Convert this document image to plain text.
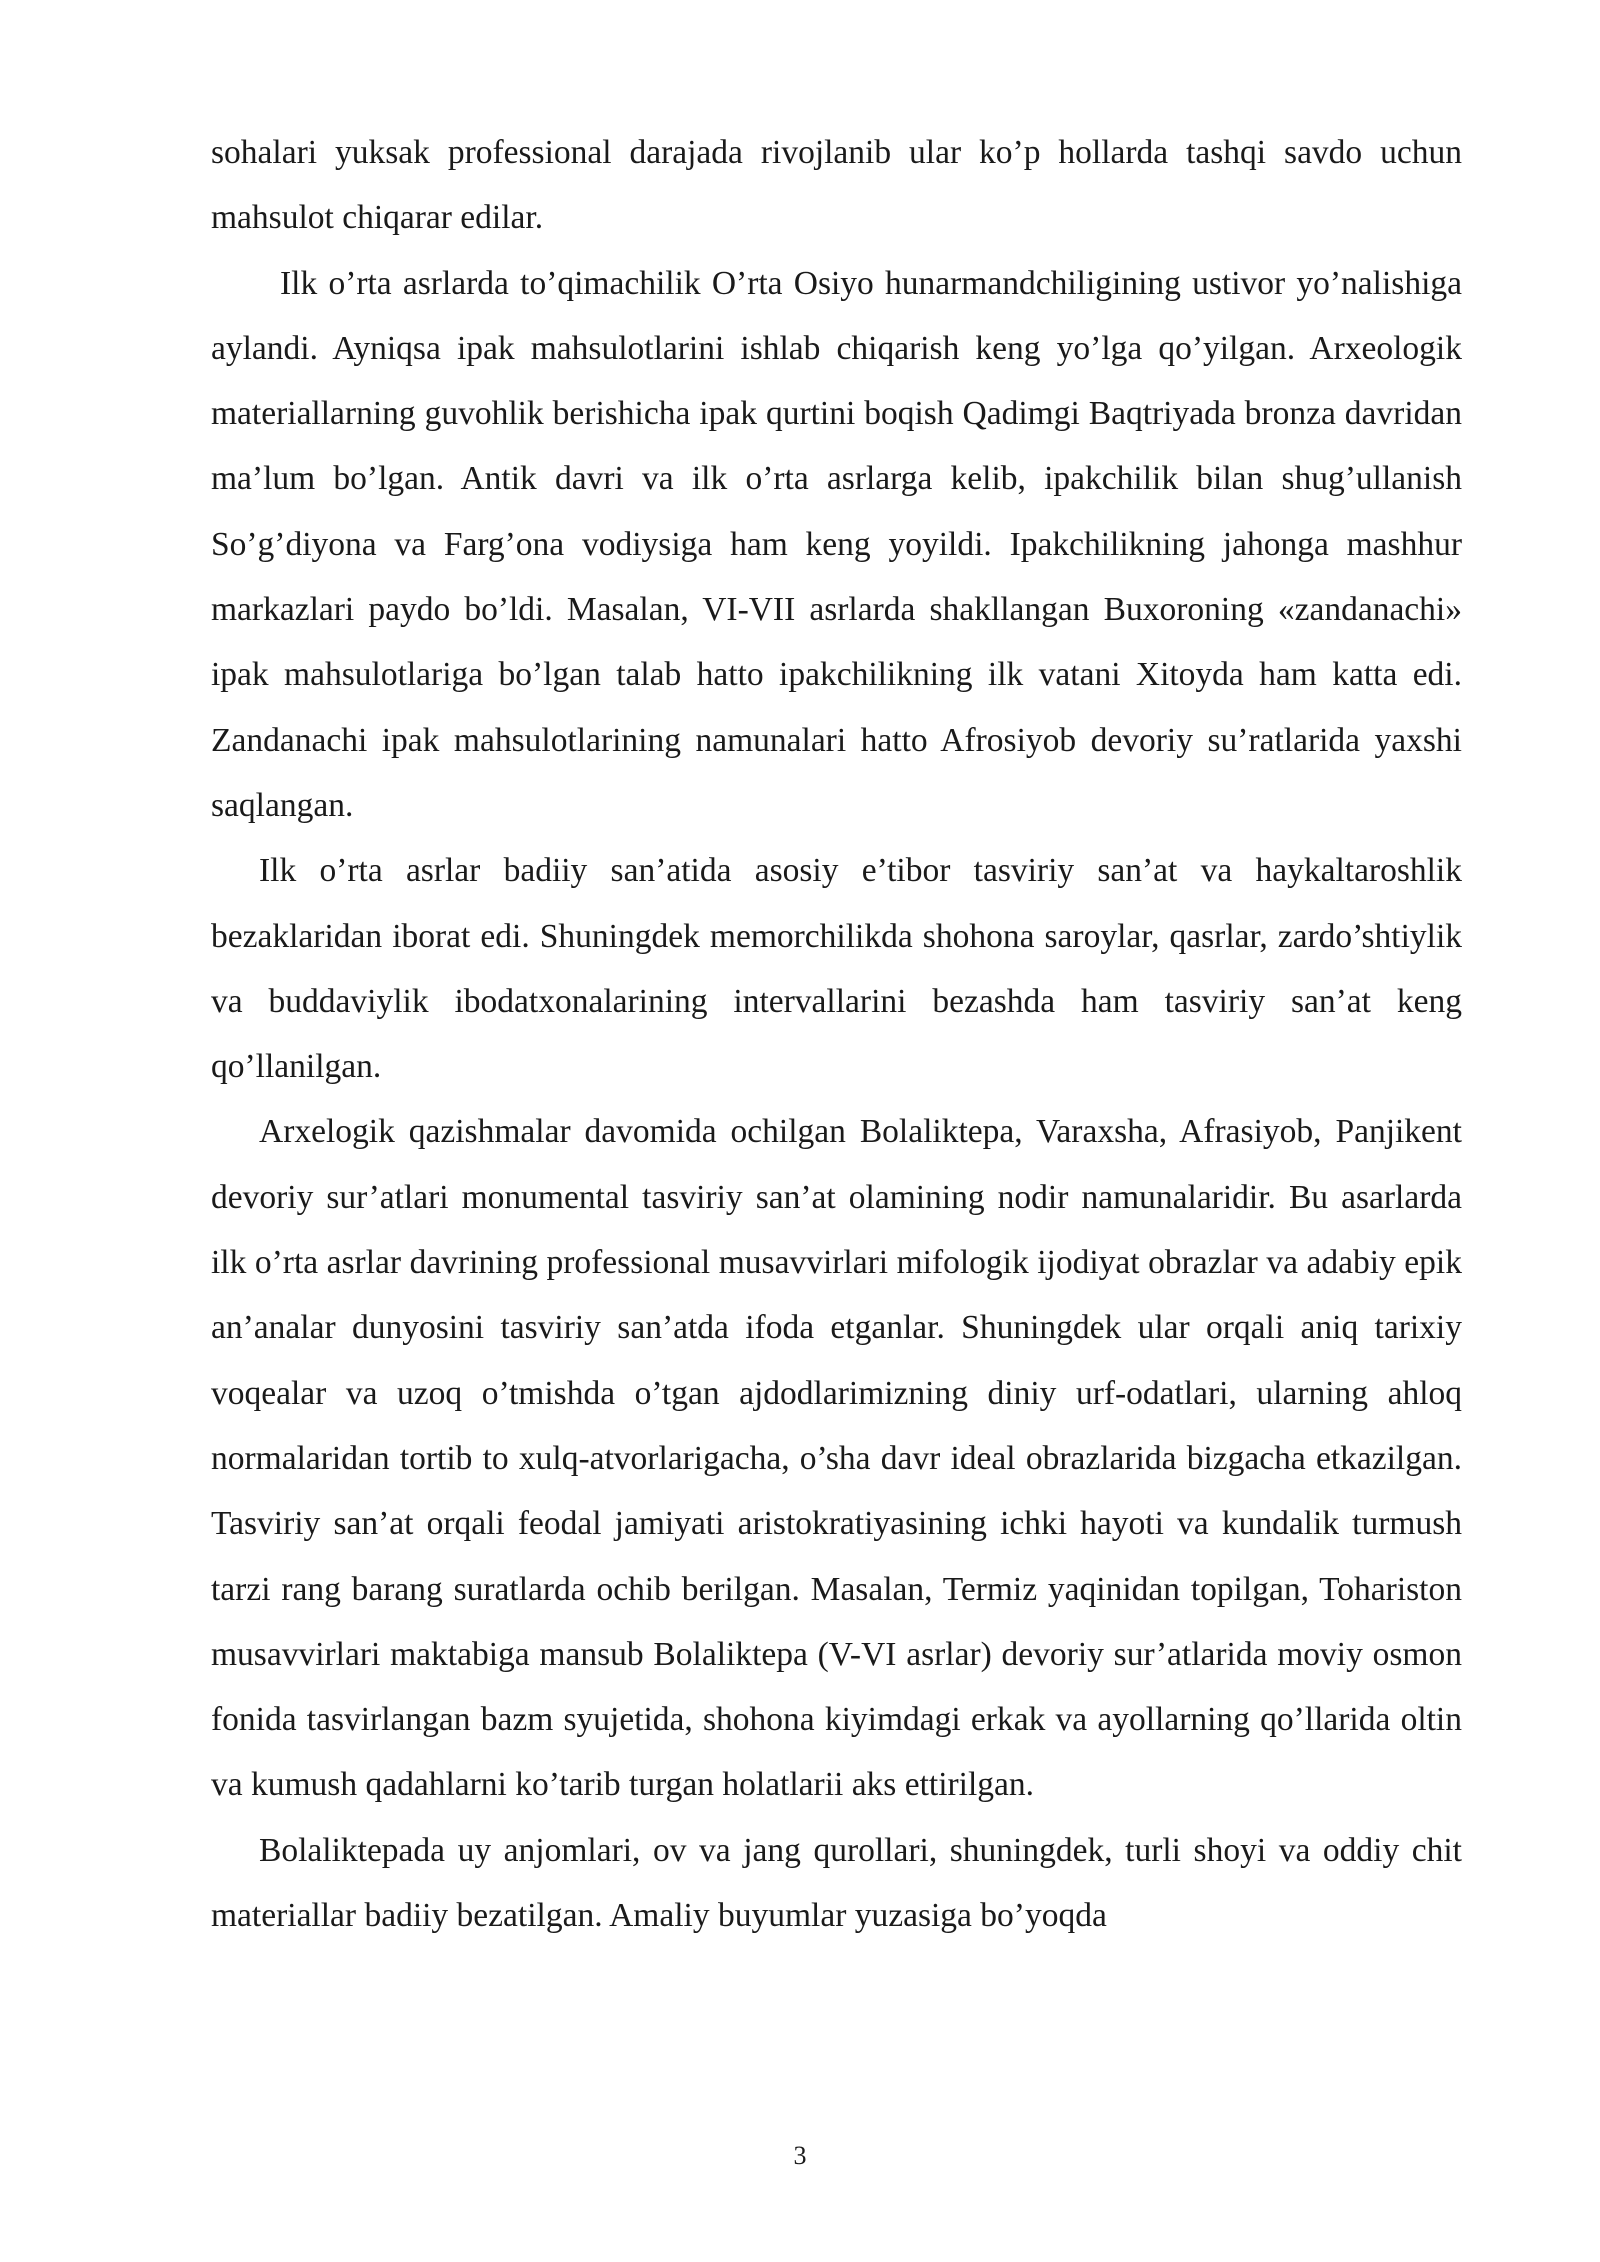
sohalari yuksak professional darajada rivojlanib ular ko’p hollarda tashqi savdo uchun mahsulot chiqarar edilar.

Ilk o’rta asrlarda to’qimachilik O’rta Osiyo hunarmandchiligining ustivor yo’nalishiga aylandi. Ayniqsa ipak mahsulotlarini ishlab chiqarish keng yo’lga qo’yilgan. Arxeologik materiallarning guvohlik berishicha ipak qurtini boqish Qadimgi Baqtriyada bronza davridan ma’lum bo’lgan. Antik davri va ilk o’rta asrlarga kelib, ipakchilik bilan shug’ullanish So’g’diyona va Farg’ona vodiysiga ham keng yoyildi. Ipakchilikning jahonga mashhur markazlari paydo bo’ldi. Masalan, VI-VII asrlarda shakllangan Buxoroning «zandanachi» ipak mahsulotlariga bo’lgan talab hatto ipakchilikning ilk vatani Xitoyda ham katta edi. Zandanachi ipak mahsulotlarining namunalari hatto Afrosiyob devoriy su’ratlarida yaxshi saqlangan.

Ilk o’rta asrlar badiiy san’atida asosiy e’tibor tasviriy san’at va haykaltaroshlik bezaklaridan iborat edi. Shuningdek memorchilikda shohona saroylar, qasrlar, zardo’shtiylik va buddaviylik ibodatxonalarining intervallarini bezashda ham tasviriy san’at keng qo’llanilgan.

Arxelogik qazishmalar davomida ochilgan Bolaliktepa, Varaxsha, Afrasiyob, Panjikent devoriy sur’atlari monumental tasviriy san’at olamining nodir namunalaridir. Bu asarlarda ilk o’rta asrlar davrining professional musavvirlari mifologik ijodiyat obrazlar va adabiy epik an’analar dunyosini tasviriy san’atda ifoda etganlar. Shuningdek ular orqali aniq tarixiy voqealar va uzoq o’tmishda o’tgan ajdodlarimizning diniy urf-odatlari, ularning ahloq normalaridan tortib to xulq-atvorlarigacha, o’sha davr ideal obrazlarida bizgacha etkazilgan. Tasviriy san’at orqali feodal jamiyati aristokratiyasining ichki hayoti va kundalik turmush tarzi rang barang suratlarda ochib berilgan. Masalan, Termiz yaqinidan topilgan, Tohariston musavvirlari maktabiga mansub Bolaliktepa (V-VI asrlar) devoriy sur’atlarida moviy osmon fonida tasvirlangan bazm syujetida, shohona kiyimdagi erkak va ayollarning qo’llarida oltin va kumush qadahlarni ko’tarib turgan holatlarii aks ettirilgan.

Bolaliktepada uy anjomlari, ov va jang qurollari, shuningdek, turli shoyi va oddiy chit materiallar badiiy bezatilgan. Amaliy buyumlar yuzasiga bo’yoqda

3
